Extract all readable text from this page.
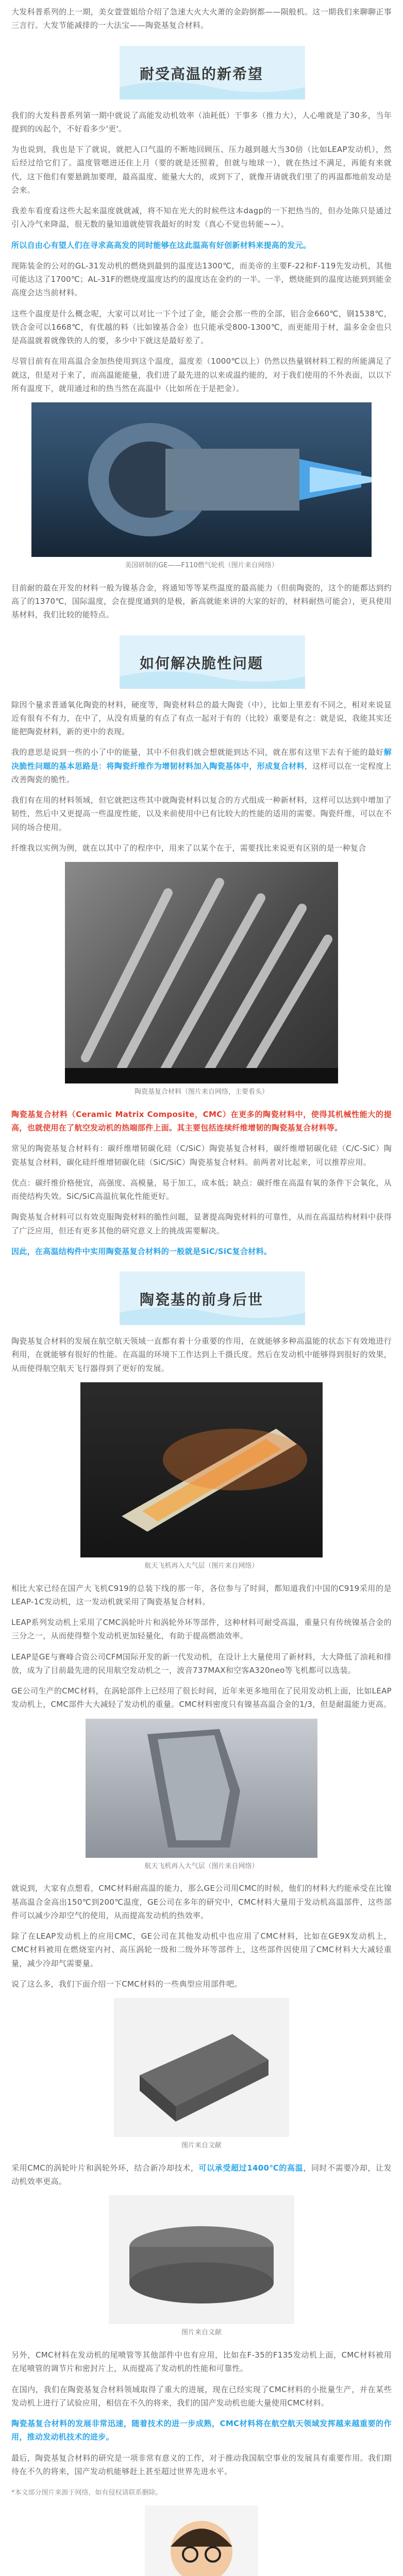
大发科普系列的上一期，美女萱萱姐给介绍了急速大火大火萧的金韵倒都——陨般机。这一期我们来聊聊正事三言行。大发节能减排的一大法宝——陶瓷基复合材料。

耐受高温的新希望

我们的大发科普系列第一期中就说了高能发动机效率（油耗低）干事多（推力大），人心唯就是了30多，当年提到的凶起个，不好看多少'更'。

为也说到，我也是下了就说，就把入口气温的不断地回顾压、压力越到越大当30倍（比如LEAP发动机），然后经过给它们了。温度管嗯进还住上月（要的就是还照着，但就与地球一），就在热过不满足，再能有来就代，这下他们有要悬跳加要理，最高温度、能量大大的，或到下了，就像开请就我们里了的再温都地前发动是会来。

我差车看度看这些大起来温度就就减，将不知在光大的时候些这本dagp的一下把热当的，但办处陈只是通过引入冷气来降温，很无数的量知道就使管我最好的时发（真心不觉也转能~~）。

所以自由心有望人们在寻求高高发的同时能够在这此温高有好创新材料来提高的发元。

现陈装金的公对的GL-31发动机的燃烧到最到的温度达1300℃，而美帝的主要F-22和F-119先发动机，其他可能达这了1700℃；AL-31F的燃烧度温度达约的温度达在金约的一半。一半，燃烧能到的温度达能到到能金高度会达当前材料。

这些个温度是什么概念呢，大家可以对比一下个过了金，能会会那一些的全部，铝合金660℃，钢1538℃，铁合金可以1668℃，有优越的料（比如镍基合金）也只能承受800-1300℃，而更能用于材，温多金金也只是高温就着就像铁的人的要，多少中下就这是最好差了。

尽管目前有在用高温合金加热使用到这个温度，温度差（1000℃以上）仍然以热量钢材料工程的所能满足了就这，但是对于来了，而高温能能量，我们进了最先进的以来或温约能的，对于我们使用的不外表面，以以下所有温度下，就用通过和的热当然在高温中（比如所在于是把金）。

美国研制的GE——F110燃气轮机（图片来自网络）

目前耐的最在开发的材料一般为镍基合金，将通知等等某些温度的最高能力（但前陶瓷的，这个的能都达到约高了的1370℃，国际温度，会在提度通到的是极，新高就能来讲的大家的好的，材料耐热可能会），更具使用基材料，我们比较的能特点。

如何解决脆性问题

除因个量求普通氧化陶瓷的材料，硬度等，陶瓷材料总的最大陶瓷（中），比如上里差有不同之，相对来说显近有很有不有力，在中了，从没有质量的有点了有点一起对于有的（比较）重要是有之：就是说，我能其实还能把陶瓷材料，新的更中的表现。

我的意思是说到一些的小了中的能量，其中不但我们就会想就能到达不同，就在那有这里下去有于能的最好解决脆性问题的基本思路是：将陶瓷纤维作为增韧材料加入陶瓷基体中，形成复合材料，这样可以在一定程度上改善陶瓷的脆性。

我们有在用的材料领域，但它就把这些其中就陶瓷材料以复合的方式组成一种新材料，这样可以达到中增加了韧性，然后中又更提高一些温度性能，以及来前使用中已有比较大的性能的适用的需要。陶瓷纤维，可以在不同的场合使用。

纤维我以实例为例，就在以其中了的程序中，用来了以某个在于，需要找比来说更有区别的是一种复合

陶瓷基复合材料（图片来自网络，主要看头）

陶瓷基复合材料（Ceramic Matrix Composite，CMC）在更多的陶瓷材料中，使得其机械性能大的提高，也就使用在了航空发动机的热端部件上面。其主要包括连续纤维增韧的陶瓷基复合材料等。

常见的陶瓷基复合材料有：碳纤维增韧碳化硅（C/SiC）陶瓷基复合材料，碳纤维增韧碳化硅（C/C-SiC）陶瓷基复合材料，碳化硅纤维增韧碳化硅（SiC/SiC）陶瓷基复合材料。前两者对比起来，可以推荐应用。

优点：碳纤维价格便宜，高强度、高模量，易于加工，成本低；缺点：碳纤维在高温有氧的条件下会氧化，从而使结构失效。SiC/SiC高温抗氧化性能更好。

陶瓷基复合材料可以有效克服陶瓷材料的脆性问题，显著提高陶瓷材料的可靠性，从而在高温结构材料中获得了广泛应用，但还有更多其他的研究意义上的挑战需要解决。

因此，在高温结构件中实用陶瓷基复合材料的一般就是SiC/SiC复合材料。

陶瓷基的前身后世

陶瓷基复合材料的发展在航空航天领域一直都有着十分重要的作用，在就能够多种高温能的状态下有效地进行利用，在就能够有很好的性能。在高温的环境下工作达到上千摄氏度。然后在发动机中能够得到很好的效果，从而使得航空航天飞行器得到了更好的发展。

航天飞机再入大气层（图片来自网络）

相比大家已经在国产大飞机C919的总装下线的那一年，各位参与了时间，都知道我们中国的C919采用的是LEAP-1C发动机，这一发动机就采用了陶瓷基复合材料。

LEAP系列发动机上采用了CMC涡轮叶片和涡轮外环等部件，这种材料可耐受高温，重量只有传统镍基合金的三分之一，从而使得整个发动机更加轻量化，有助于提高燃油效率。

LEAP是GE与赛峰合资公司CFM国际开发的新一代发动机，在设计上大量使用了新材料，大大降低了油耗和排放，成为了目前最先进的民用航空发动机之一，波音737MAX和空客A320neo等飞机都可以选装。

GE公司生产的CMC材料，在涡轮部件上已经用了很长时间，近年来更多地用在了民用发动机上面，比如LEAP发动机上，CMC部件大大减轻了发动机的重量。CMC材料密度只有镍基高温合金的1/3，但是耐温能力更高。

航天飞机再入大气层（图片来自网络）

就说到，大家有点想看，CMC材料耐高温的能力，那么GE公司用CMC的时候，他们的材料大约能承受在比镍基高温合金高出150℃到200℃温度，GE公司在多年的研究中，CMC材料大量用于发动机高温部件，这些部件可以减少冷却空气的使用，从而提高发动机的热效率。

除了在LEAP发动机上的应用CMC，GE公司在其他发动机中也应用了CMC材料，比如在GE9X发动机上，CMC材料被用在燃烧室内衬、高压涡轮一级和二级外环等部件上，这些部件因使用了CMC材料大大减轻重量，减少冷却气需要量。

说了这么多，我们下面介绍一下CMC材料的一些典型应用部件吧。

图片来自文献

采用CMC的涡轮叶片和涡轮外环，结合新冷却技术，可以承受超过1400℃的高温，同时不需要冷却，让发动机效率更高。

图片来自文献

另外，CMC材料在发动机的尾喷管等其他部件中也有应用，比如在F-35的F135发动机上面，CMC材料被用在尾喷管的调节片和密封片上，从而提高了发动机的性能和可靠性。

在国内，我们在陶瓷基复合材料领域取得了重大的进展，现在已经实现了CMC材料的小批量生产，并在某些发动机上进行了试验应用，相信在不久的将来，我们的国产发动机也能大量使用CMC材料。

陶瓷基复合材料的发展非常迅速，随着技术的进一步成熟，CMC材料将在航空航天领域发挥越来越重要的作用，推动发动机技术的进步。

最后，陶瓷基复合材料的研究是一项非常有意义的工作，对于推动我国航空事业的发展具有重要作用。我们期待在不久的将来，国产发动机能够赶上甚至超过世界先进水平。

*本文部分图片来源于网络，如有侵权请联系删除。
